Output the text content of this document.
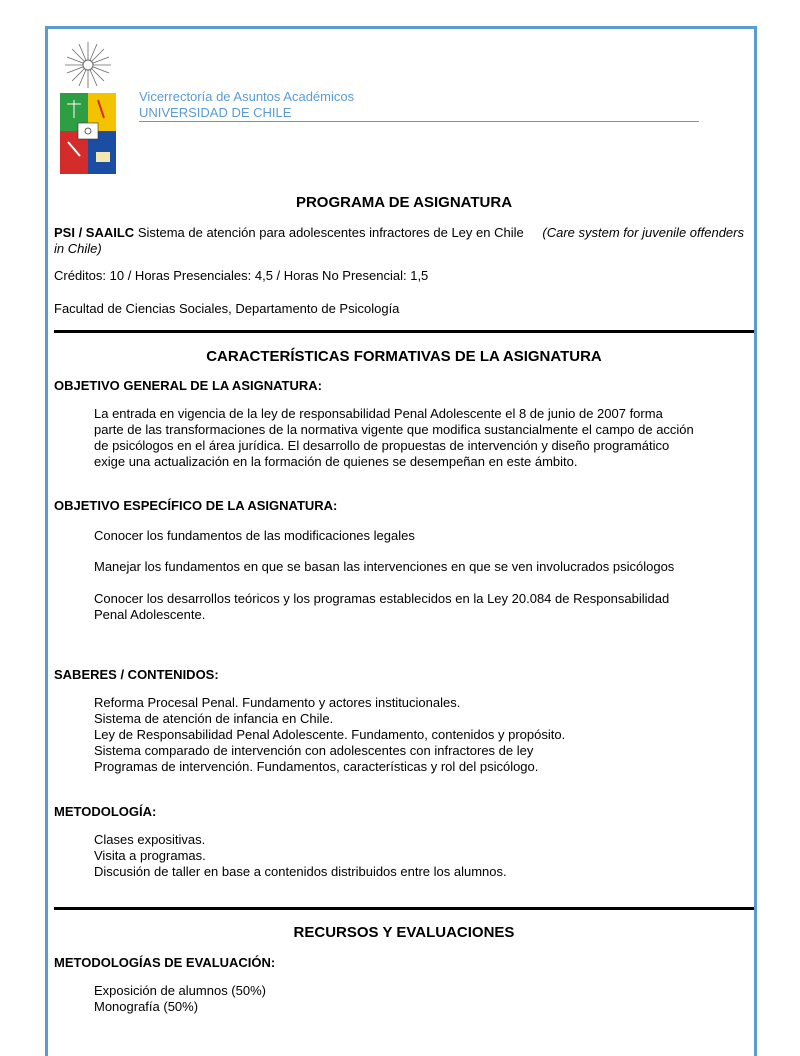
Vicerrectoría de Asuntos Académicos
UNIVERSIDAD DE CHILE
PROGRAMA DE ASIGNATURA
PSI / SAAILC Sistema de atención para adolescentes infractores de Ley en Chile (Care system for juvenile offenders
in Chile)
Créditos: 10 / Horas Presenciales: 4,5 / Horas No Presencial: 1,5
Facultad de Ciencias Sociales, Departamento de Psicología
CARACTERÍSTICAS FORMATIVAS DE LA ASIGNATURA
OBJETIVO GENERAL DE LA ASIGNATURA:
La entrada en vigencia de la ley de responsabilidad Penal Adolescente el 8 de junio de 2007 forma
parte de las transformaciones de la normativa vigente que modifica sustancialmente el campo de acción
de psicólogos en el área jurídica. El desarrollo de propuestas de intervención y diseño programático
exige una actualización en la formación de quienes se desempeñan en este ámbito.
OBJETIVO ESPECÍFICO DE LA ASIGNATURA:
Conocer los fundamentos de las modificaciones legales
Manejar los fundamentos en que se basan las intervenciones en que se ven involucrados psicólogos
Conocer los desarrollos teóricos y los programas establecidos en la Ley 20.084 de Responsabilidad
Penal Adolescente.
SABERES / CONTENIDOS:
Reforma Procesal Penal. Fundamento y actores institucionales.
Sistema de atención de infancia en Chile.
Ley de Responsabilidad Penal Adolescente. Fundamento, contenidos y propósito.
Sistema comparado de intervención con adolescentes con infractores de ley
Programas de intervención. Fundamentos, características y rol del psicólogo.
METODOLOGÍA:
Clases expositivas.
Visita a programas.
Discusión de taller en base a contenidos distribuidos entre los alumnos.
RECURSOS Y EVALUACIONES
METODOLOGÍAS DE EVALUACIÓN:
Exposición de alumnos (50%)
Monografía (50%)
